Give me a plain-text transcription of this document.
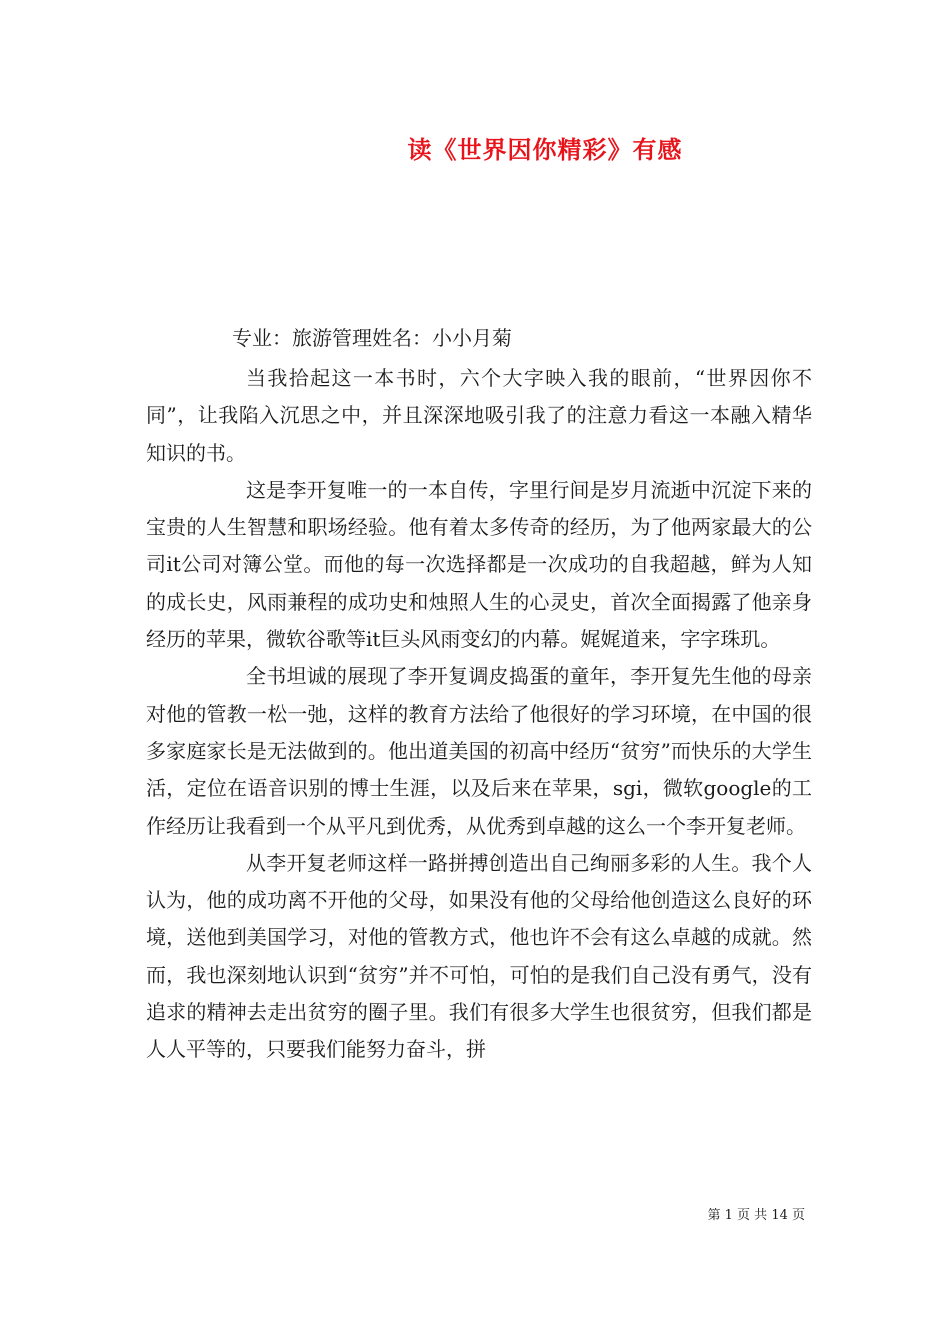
读《世界因你精彩》有感
专业：旅游管理姓名：小小月菊

当我拾起这一本书时，六个大字映入我的眼前，“世界因你不同”，让我陷入沉思之中，并且深深地吸引我了的注意力看这一本融入精华知识的书。

这是李开复唯一的一本自传，字里行间是岁月流逝中沉淀下来的宝贵的人生智慧和职场经验。他有着太多传奇的经历，为了他两家最大的公司it公司对簿公堂。而他的每一次选择都是一次成功的自我超越，鲜为人知的成长史，风雨兼程的成功史和烛照人生的心灵史，首次全面揭露了他亲身经历的苹果，微软谷歌等it巨头风雨变幻的内幕。娓娓道来，字字珠玑。

全书坦诚的展现了李开复调皮捣蛋的童年，李开复先生他的母亲对他的管教一松一弛，这样的教育方法给了他很好的学习环境，在中国的很多家庭家长是无法做到的。他出道美国的初高中经历“贫穷”而快乐的大学生活，定位在语音识别的博士生涯，以及后来在苹果，sgi，微软google的工作经历让我看到一个从平凡到优秀，从优秀到卓越的这么一个李开复老师。

从李开复老师这样一路拼搏创造出自己绚丽多彩的人生。我个人认为，他的成功离不开他的父母，如果没有他的父母给他创造这么良好的环境，送他到美国学习，对他的管教方式，他也许不会有这么卓越的成就。然而，我也深刻地认识到“贫穷”并不可怕，可怕的是我们自己没有勇气，没有追求的精神去走出贫穷的圈子里。我们有很多大学生也很贫穷，但我们都是人人平等的，只要我们能努力奋斗，拼

第 1 页 共 14 页
